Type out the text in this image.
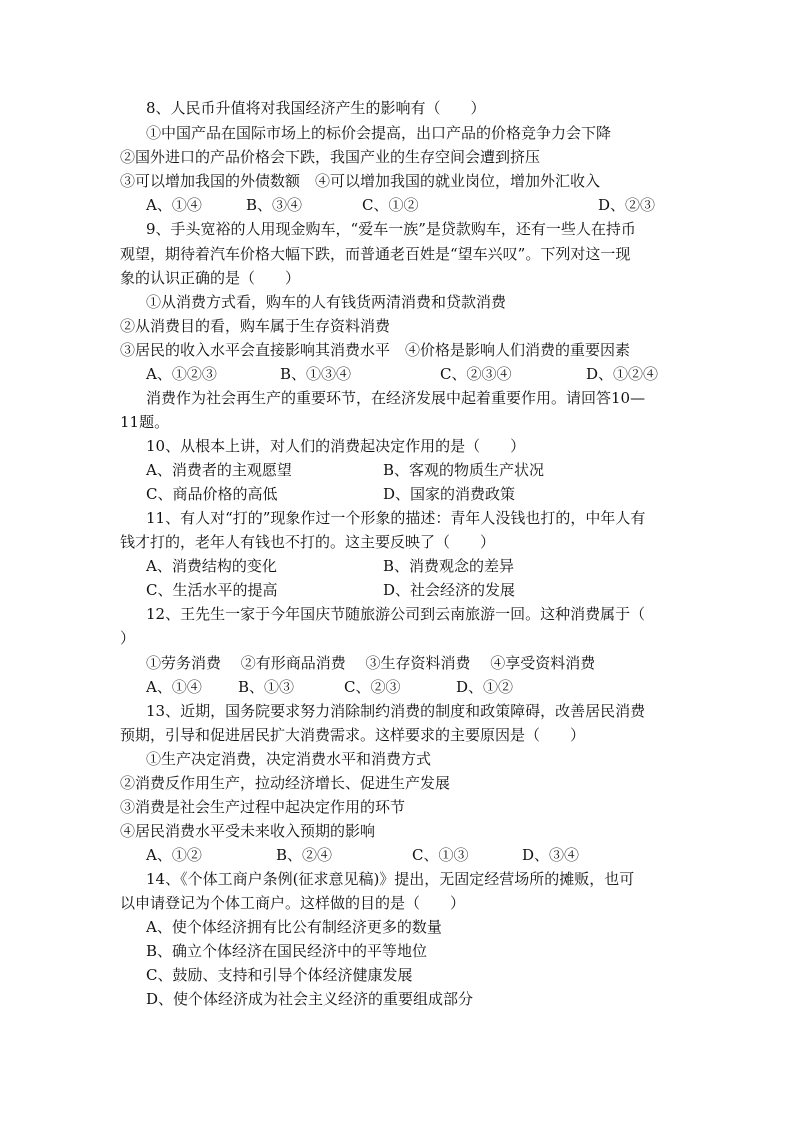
8、人民币升值将对我国经济产生的影响有（　　）
①中国产品在国际市场上的标价会提高，出口产品的价格竞争力会下降
②国外进口的产品价格会下跌，我国产业的生存空间会遭到挤压
③可以增加我国的外债数额　④可以增加我国的就业岗位，增加外汇收入
A、①④	B、③④	C、①②	D、②③
9、手头宽裕的人用现金购车，“爱车一族”是贷款购车，还有一些人在持币
观望，期待着汽车价格大幅下跌，而普通老百姓是“望车兴叹”。下列对这一现
象的认识正确的是（　　）
①从消费方式看，购车的人有钱货两清消费和贷款消费
②从消费目的看，购车属于生存资料消费
③居民的收入水平会直接影响其消费水平　④价格是影响人们消费的重要因素
A、①②③	B、①③④	C、②③④	D、①②④
消费作为社会再生产的重要环节，在经济发展中起着重要作用。请回答10—
11题。
10、从根本上讲，对人们的消费起决定作用的是（　　）
A、消费者的主观愿望	B、客观的物质生产状况
C、商品价格的高低	D、国家的消费政策
11、有人对“打的”现象作过一个形象的描述：青年人没钱也打的，中年人有
钱才打的，老年人有钱也不打的。这主要反映了（　　）
A、消费结构的变化	B、消费观念的差异
C、生活水平的提高	D、社会经济的发展
12、王先生一家于今年国庆节随旅游公司到云南旅游一回。这种消费属于（
）
①劳务消费　 ②有形商品消费　 ③生存资料消费　 ④享受资料消费
A、①④ B、①③	C、②③	D、①②
13、近期，国务院要求努力消除制约消费的制度和政策障碍，改善居民消费
预期，引导和促进居民扩大消费需求。这样要求的主要原因是（　　）
①生产决定消费，决定消费水平和消费方式
②消费反作用生产，拉动经济增长、促进生产发展
③消费是社会生产过程中起决定作用的环节
④居民消费水平受未来收入预期的影响
A、①②	B、②④	C、①③	D、③④
14、《个体工商户条例(征求意见稿)》提出，无固定经营场所的摊贩，也可
以申请登记为个体工商户。这样做的目的是（　　）
A、使个体经济拥有比公有制经济更多的数量
B、确立个体经济在国民经济中的平等地位
C、鼓励、支持和引导个体经济健康发展
D、使个体经济成为社会主义经济的重要组成部分
